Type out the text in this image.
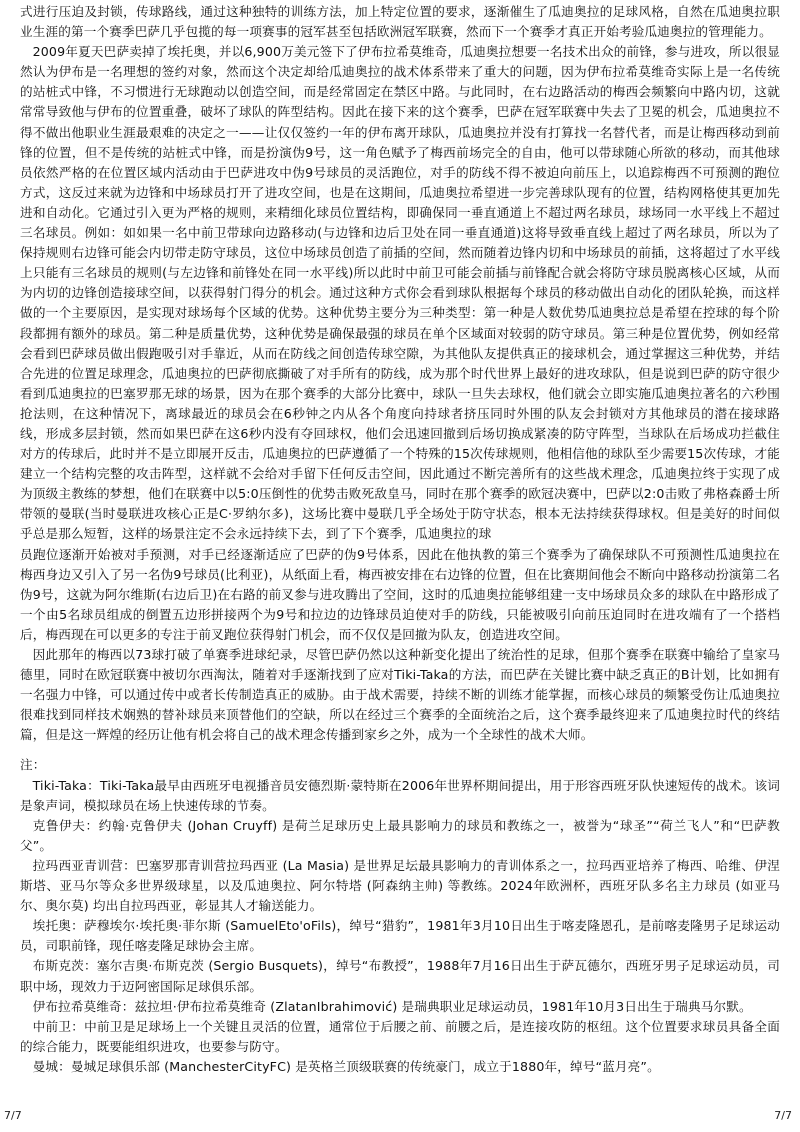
式进行压迫及封锁，传球路线，通过这种独特的训练方法，加上特定位置的要求，逐渐催生了瓜迪奥拉的足球风格，自然在瓜迪奥拉职业生涯的第一个赛季巴萨几乎包揽的每一项赛事的冠军甚至包括欧洲冠军联赛，然而下一个赛季才真正开始考验瓜迪奥拉的管理能力。

2009年夏天巴萨卖掉了埃托奥，并以6,900万美元签下了伊布拉希莫维奇，瓜迪奥拉想要一名技术出众的前锋，参与进攻，所以很显然认为伊布是一名理想的签约对象，然而这个决定却给瓜迪奥拉的战术体系带来了重大的问题，因为伊布拉希莫维奇实际上是一名传统的站桩式中锋，不习惯进行无球跑动以创造空间，而是经常固定在禁区中路。与此同时，在右边路活动的梅西会频繁向中路内切，这就常常导致他与伊布的位置重叠，破坏了球队的阵型结构。因此在接下来的这个赛季，巴萨在冠军联赛中失去了卫冕的机会，瓜迪奥拉不得不做出他职业生涯最艰难的决定之一——让仅仅签约一年的伊布离开球队，瓜迪奥拉并没有打算找一名替代者，而是让梅西移动到前锋的位置，但不是传统的站桩式中锋，而是扮演伪9号，这一角色赋予了梅西前场完全的自由，他可以带球随心所欲的移动，而其他球员依然严格的在位置区域内活动由于巴萨进攻中伪9号球员的灵活跑位，对手的防线不得不被迫向前压上，以追踪梅西不可预测的跑位方式，这反过来就为边锋和中场球员打开了进攻空间，也是在这期间，瓜迪奥拉希望进一步完善球队现有的位置，结构网格使其更加先进和自动化。它通过引入更为严格的规则，来精细化球员位置结构，即确保同一垂直通道上不超过两名球员，球场同一水平线上不超过三名球员。例如：如如果一名中前卫带球向边路移动(与边锋和边后卫处在同一垂直通道)这将导致垂直线上超过了两名球员，所以为了保持规则右边锋可能会内切带走防守球员，这位中场球员创造了前插的空间，然而随着边锋内切和中场球员的前插，这将超过了水平线上只能有三名球员的规则(与左边锋和前锋处在同一水平线)所以此时中前卫可能会前插与前锋配合就会将防守球员脱离核心区域，从而为内切的边锋创造接球空间，以获得射门得分的机会。通过这种方式你会看到球队根据每个球员的移动做出自动化的团队轮换，而这样做的一个主要原因，是实现对球场每个区域的优势。这种优势主要分为三种类型：第一种是人数优势瓜迪奥拉总是希望在控球的每个阶段都拥有额外的球员。第二种是质量优势，这种优势是确保最强的球员在单个区域面对较弱的防守球员。第三种是位置优势，例如经常会看到巴萨球员做出假跑吸引对手靠近，从而在防线之间创造传球空隙，为其他队友提供真正的接球机会，通过掌握这三种优势，并结合先进的位置足球理念，瓜迪奥拉的巴萨彻底撕破了对手所有的防线，成为那个时代世界上最好的进攻球队，但是说到巴萨的防守很少看到瓜迪奥拉的巴塞罗那无球的场景，因为在那个赛季的大部分比赛中，球队一旦失去球权，他们就会立即实施瓜迪奥拉著名的六秒围抢法则，在这种情况下，离球最近的球员会在6秒钟之内从各个角度向持球者挤压同时外围的队友会封锁对方其他球员的潜在接球路线，形成多层封锁，然而如果巴萨在这6秒内没有夺回球权，他们会迅速回撤到后场切换成紧凑的防守阵型，当球队在后场成功拦截住对方的传球后，此时并不是立即展开反击，瓜迪奥拉的巴萨遵循了一个特殊的15次传球规则，他相信他的球队至少需要15次传球，才能建立一个结构完整的攻击阵型，这样就不会给对手留下任何反击空间，因此通过不断完善所有的这些战术理念，瓜迪奥拉终于实现了成为顶级主教练的梦想，他们在联赛中以5:0压倒性的优势击败死敌皇马，同时在那个赛季的欧冠决赛中，巴萨以2:0击败了弗格森爵士所带领的曼联(当时曼联进攻核心正是C·罗纳尔多)，这场比赛中曼联几乎全场处于防守状态，根本无法持续获得球权。但是美好的时间似乎总是那么短暂，这样的场景注定不会永远持续下去，到了下个赛季，瓜迪奥拉的球

员跑位逐渐开始被对手预测，对手已经逐渐适应了巴萨的伪9号体系，因此在他执教的第三个赛季为了确保球队不可预测性瓜迪奥拉在梅西身边又引入了另一名伪9号球员(比利亚)，从纸面上看，梅西被安排在右边锋的位置，但在比赛期间他会不断向中路移动扮演第二名伪9号，这就为阿尔维斯(右边后卫)在右路的前叉参与进攻腾出了空间，这时的瓜迪奥拉能够组建一支中场球员众多的球队在中路形成了一个由5名球员组成的倒置五边形拼接两个为9号和拉边的边锋球员迫使对手的防线，只能被吸引向前压迫同时在进攻端有了一个搭档后，梅西现在可以更多的专注于前叉跑位获得射门机会，而不仅仅是回撤为队友，创造进攻空间。

因此那年的梅西以73球打破了单赛季进球纪录，尽管巴萨仍然以这种新变化提出了统治性的足球，但那个赛季在联赛中输给了皇家马德里，同时在欧冠联赛中被切尔西淘汰，随着对手逐渐找到了应对Tiki-Taka的方法，而巴萨在关键比赛中缺乏真正的B计划，比如拥有一名强力中锋，可以通过传中或者长传制造真正的威胁。由于战术需要，持续不断的训练才能掌握，而核心球员的频繁受伤让瓜迪奥拉很难找到同样技术娴熟的替补球员来顶替他们的空缺，所以在经过三个赛季的全面统治之后，这个赛季最终迎来了瓜迪奥拉时代的终结篇，但是这一辉煌的经历让他有机会将自己的战术理念传播到家乡之外，成为一个全球性的战术大师。

注：

Tiki-Taka：Tiki-Taka最早由西班牙电视播音员安德烈斯·蒙特斯在2006年世界杯期间提出，用于形容西班牙队快速短传的战术。该词是象声词，模拟球员在场上快速传球的节奏。

克鲁伊夫：约翰·克鲁伊夫 (Johan Cruyff) 是荷兰足球历史上最具影响力的球员和教练之一，被誉为“球圣”“荷兰飞人”和“巴萨教父”。

拉玛西亚青训营：巴塞罗那青训营拉玛西亚 (La Masia) 是世界足坛最具影响力的青训体系之一，拉玛西亚培养了梅西、哈维、伊涅斯塔、亚马尔等众多世界级球星，以及瓜迪奥拉、阿尔特塔 (阿森纳主帅) 等教练。2024年欧洲杯，西班牙队多名主力球员 (如亚马尔、奥尔莫) 均出自拉玛西亚，彰显其人才输送能力。

埃托奥：萨穆埃尔·埃托奥·菲尔斯 (SamuelEto'oFils)，绰号“猎豹”，1981年3月10日出生于喀麦隆恩孔，是前喀麦隆男子足球运动员，司职前锋，现任喀麦隆足球协会主席。

布斯克茨：塞尔吉奥·布斯克茨 (Sergio Busquets)，绰号“布教授”，1988年7月16日出生于萨瓦德尔，西班牙男子足球运动员，司职中场，现效力于迈阿密国际足球俱乐部。

伊布拉希莫维奇：兹拉坦·伊布拉希莫维奇 (ZlatanIbrahimović) 是瑞典职业足球运动员，1981年10月3日出生于瑞典马尔默。

中前卫：中前卫是足球场上一个关键且灵活的位置，通常位于后腰之前、前腰之后，是连接攻防的枢纽。这个位置要求球员具备全面的综合能力，既要能组织进攻，也要参与防守。

曼城：曼城足球俱乐部 (ManchesterCityFC) 是英格兰顶级联赛的传统豪门，成立于1880年，绰号“蓝月亮”。

7/7	7/7
